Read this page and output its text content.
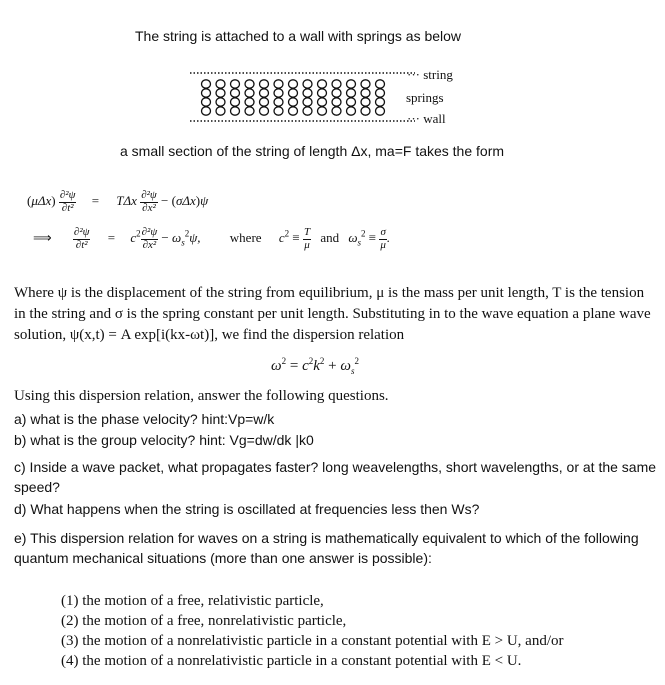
The string is attached to a wall with springs as below
··· string
springs
··· wall
a small section of the string of length Δx, ma=F takes the form
$(\mu\Delta x) \frac{\text{∂²ψ}}{\text{∂t²}} = T\Delta x \frac{\text{∂²ψ}}{\text{∂x²}} - (\sigma\Delta x)\psi$
⟹ $\frac{\text{∂²ψ}}{\text{∂t²}} = c^2 \frac{\text{∂²ψ}}{\text{∂x²}} - \omega_s^2\psi$, where $c^2 \equiv \frac{T}{\mu}$ and $\omega_s^2 \equiv \frac{\sigma}{\mu}$ .
Where ψ is the displacement of the string from equilibrium, μ is the mass per unit length, T is the tension in the string and σ is the spring constant per unit length. Substituting in to the wave equation a plane wave solution, ψ(x,t) = A exp[i(kx-ωt)], we find the dispersion relation
$\omega^2 = c^2k^2 + \omega_s^2$
Using this dispersion relation, answer the following questions.
a) what is the phase velocity? hint:Vp=w/k
b) what is the group velocity? hint: Vg=dw/dk |k0
c) Inside a wave packet, what propagates faster? long weavelengths, short wavelengths, or at the same speed?
d) What happens when the string is oscillated at frequencies less then Ws?
e) This dispersion relation for waves on a string is mathematically equivalent to which of the following quantum mechanical situations (more than one answer is possible):
(1) the motion of a free, relativistic particle,
(2) the motion of a free, nonrelativistic particle,
(3) the motion of a nonrelativistic particle in a constant potential with E > U, and/or
(4) the motion of a nonrelativistic particle in a constant potential with E < U.
